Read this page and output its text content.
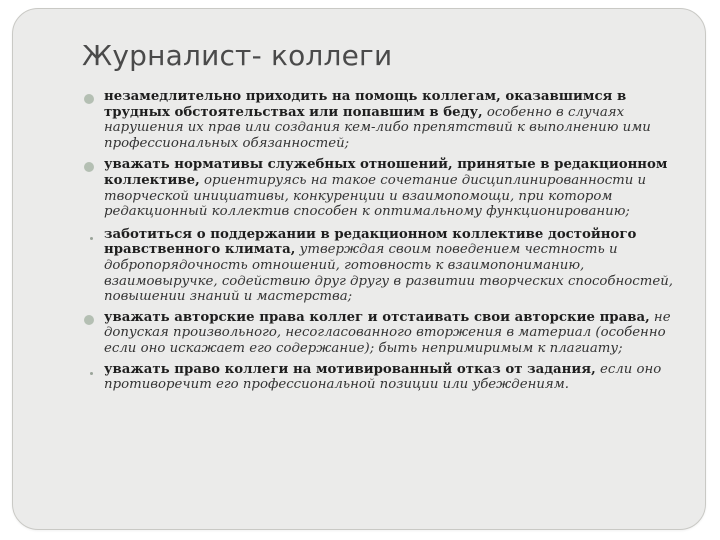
Журналист- коллеги
незамедлительно приходить на помощь коллегам, оказавшимся в трудных обстоятельствах или попавшим в беду, особенно в случаях нарушения их прав или создания кем-либо препятствий к выполнению ими профессиональных обязанностей;
уважать нормативы служебных отношений, принятые в редакционном коллективе, ориентируясь на такое сочетание дисциплинированности и творческой инициативы, конкуренции и взаимопомощи, при котором редакционный коллектив способен к оптимальному функционированию;
заботиться о поддержании в редакционном коллективе достойного нравственного климата, утверждая своим поведением честность и добропорядочность отношений, готовность к взаимопониманию, взаимовыручке, содействию друг другу в развитии творческих способностей, повышении знаний и мастерства;
уважать авторские права коллег и отстаивать свои авторские права, не допуская произвольного, несогласованного вторжения в материал (особенно если оно искажает его содержание); быть непримиримым к плагиату;
уважать право коллеги на мотивированный отказ от задания, если оно противоречит его профессиональной позиции или убеждениям.
